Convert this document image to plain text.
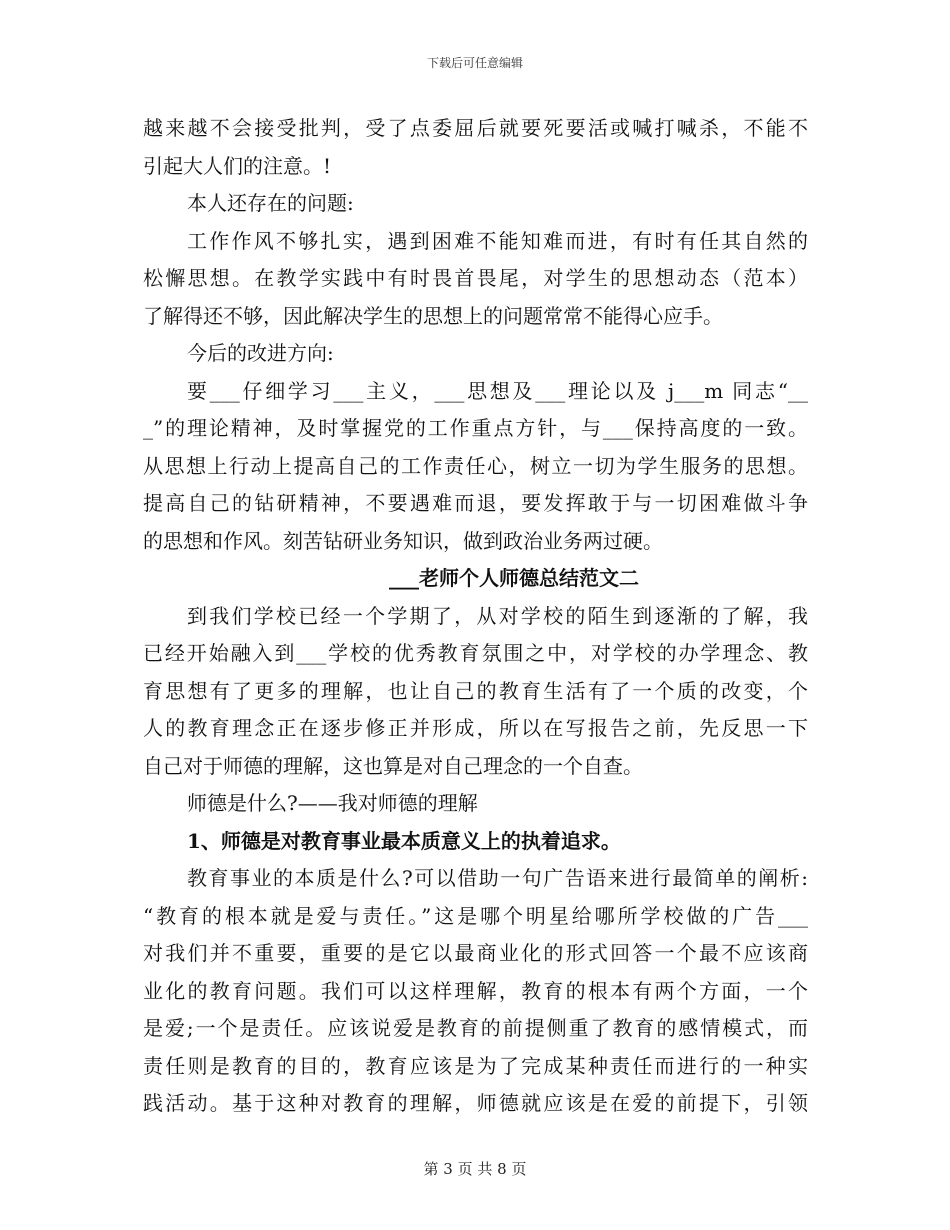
下载后可任意编辑
越来越不会接受批判，受了点委屈后就要死要活或喊打喊杀，不能不
引起大人们的注意。!
本人还存在的问题:
工作作风不够扎实，遇到困难不能知难而进，有时有任其自然的
松懈思想。在教学实践中有时畏首畏尾，对学生的思想动态（范本）
了解得还不够，因此解决学生的思想上的问题常常不能得心应手。
今后的改进方向:
要___仔细学习___主义，___思想及___理论以及 j___m 同志“__
_”的理论精神，及时掌握党的工作重点方针，与___保持高度的一致。
从思想上行动上提高自己的工作责任心，树立一切为学生服务的思想。
提高自己的钻研精神，不要遇难而退，要发挥敢于与一切困难做斗争
的思想和作风。刻苦钻研业务知识，做到政治业务两过硬。
___老师个人师德总结范文二
到我们学校已经一个学期了，从对学校的陌生到逐渐的了解，我
已经开始融入到___学校的优秀教育氛围之中，对学校的办学理念、教
育思想有了更多的理解，也让自己的教育生活有了一个质的改变，个
人的教育理念正在逐步修正并形成，所以在写报告之前，先反思一下
自己对于师德的理解，这也算是对自己理念的一个自查。
师德是什么?——我对师德的理解
1、师德是对教育事业最本质意义上的执着追求。
教育事业的本质是什么?可以借助一句广告语来进行最简单的阐析:
“教育的根本就是爱与责任。”这是哪个明星给哪所学校做的广告___
对我们并不重要，重要的是它以最商业化的形式回答一个最不应该商
业化的教育问题。我们可以这样理解，教育的根本有两个方面，一个
是爱;一个是责任。应该说爱是教育的前提侧重了教育的感情模式，而
责任则是教育的目的，教育应该是为了完成某种责任而进行的一种实
践活动。基于这种对教育的理解，师德就应该是在爱的前提下，引领
第 3 页 共 8 页
